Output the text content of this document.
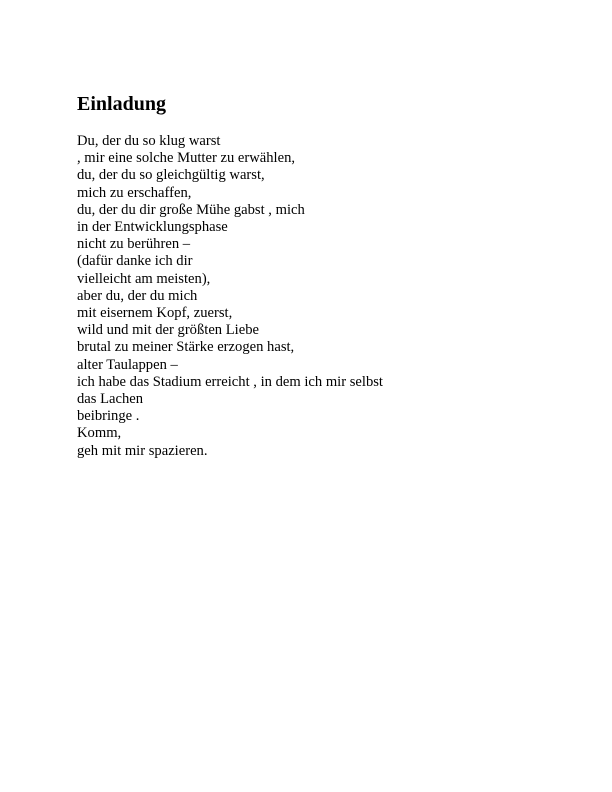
Einladung
Du, der du so klug warst
, mir eine solche Mutter zu erwählen,
du, der du so gleichgültig warst,
mich zu erschaffen,
du, der du dir große Mühe gabst , mich
in der Entwicklungsphase
nicht zu berühren –
(dafür danke ich dir
vielleicht am meisten),
aber du, der du mich
mit eisernem Kopf, zuerst,
wild und mit der größten Liebe
brutal zu meiner Stärke erzogen hast,
alter Taulappen –
ich habe das Stadium erreicht , in dem ich mir selbst
das Lachen
beibringe .
Komm,
geh mit mir spazieren.
